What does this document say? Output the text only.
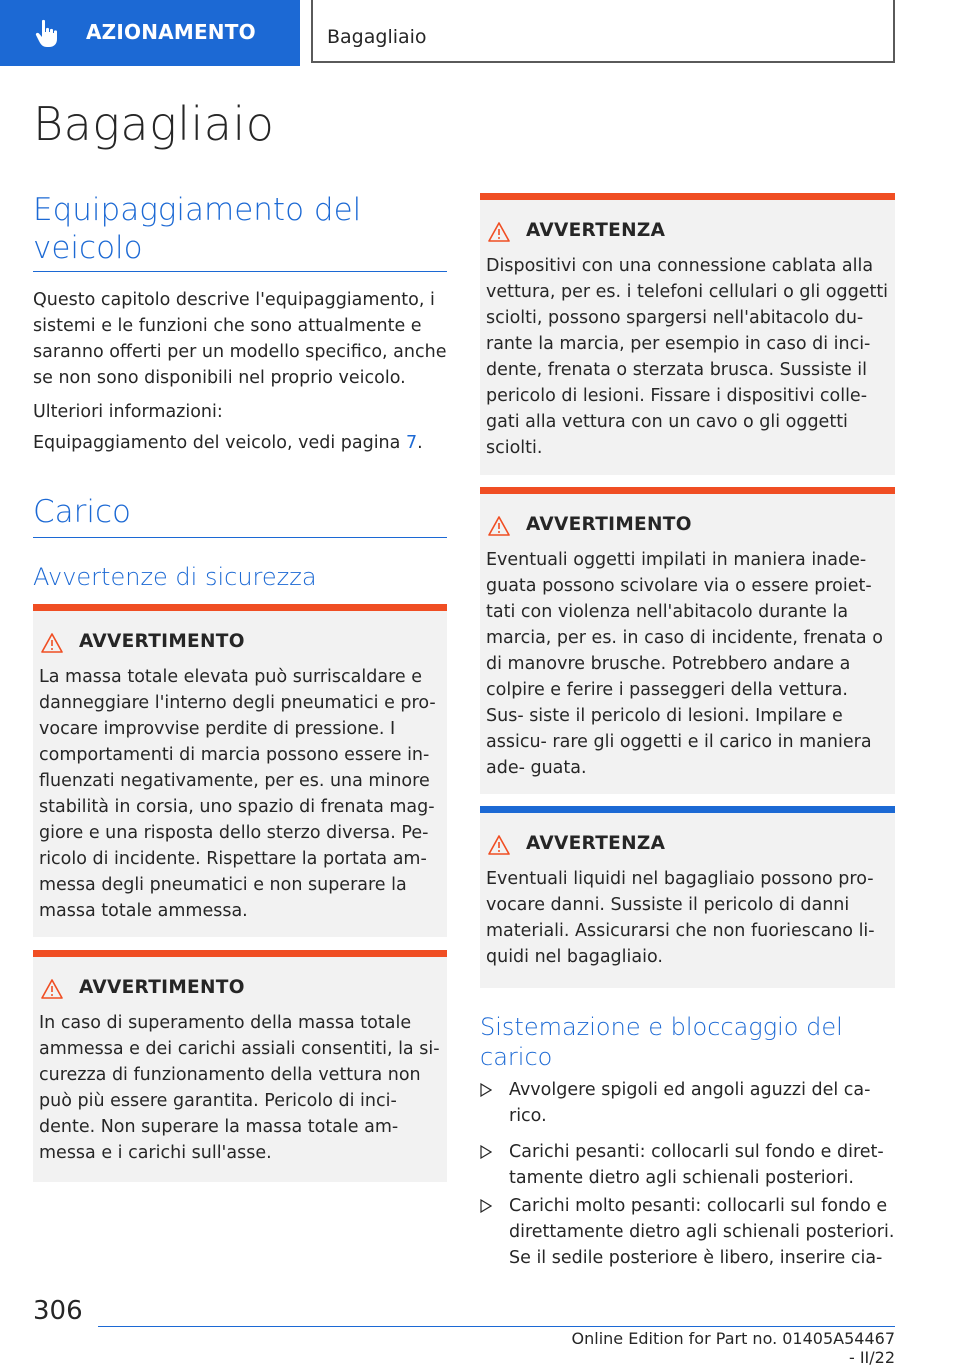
AZIONAMENTO	Bagagliaio
Bagagliaio
Equipaggiamento del
veicolo
Questo capitolo descrive l'equipaggiamento, i sistemi e le funzioni che sono attualmente e saranno offerti per un modello specifico, anche se non sono disponibili nel proprio veicolo.
Ulteriori informazioni:
Equipaggiamento del veicolo, vedi pagina 7.
Carico
Avvertenze di sicurezza
AVVERTIMENTO
La massa totale elevata può surriscaldare e danneggiare l'interno degli pneumatici e pro- vocare improvvise perdite di pressione. I comportamenti di marcia possono essere in- fluenzati negativamente, per es. una minore stabilità in corsia, uno spazio di frenata mag- giore e una risposta dello sterzo diversa. Pe- ricolo di incidente. Rispettare la portata am- messa degli pneumatici e non superare la massa totale ammessa.
AVVERTIMENTO
In caso di superamento della massa totale ammessa e dei carichi assiali consentiti, la si- curezza di funzionamento della vettura non può più essere garantita. Pericolo di inci- dente. Non superare la massa totale am- messa e i carichi sull'asse.
AVVERTENZA
Dispositivi con una connessione cablata alla vettura, per es. i telefoni cellulari o gli oggetti sciolti, possono spargersi nell'abitacolo du- rante la marcia, per esempio in caso di inci- dente, frenata o sterzata brusca. Sussiste il pericolo di lesioni. Fissare i dispositivi colle- gati alla vettura con un cavo o gli oggetti sciolti.
AVVERTIMENTO
Eventuali oggetti impilati in maniera inade- guata possono scivolare via o essere proiet- tati con violenza nell'abitacolo durante la marcia, per es. in caso di incidente, frenata o di manovre brusche. Potrebbero andare a colpire e ferire i passeggeri della vettura. Sus- siste il pericolo di lesioni. Impilare e assicu- rare gli oggetti e il carico in maniera ade- guata.
AVVERTENZA
Eventuali liquidi nel bagagliaio possono pro- vocare danni. Sussiste il pericolo di danni materiali. Assicurarsi che non fuoriescano li- quidi nel bagagliaio.
Sistemazione e bloccaggio del
carico
Avvolgere spigoli ed angoli aguzzi del ca- rico.
Carichi pesanti: collocarli sul fondo e diret- tamente dietro agli schienali posteriori.
Carichi molto pesanti: collocarli sul fondo e direttamente dietro agli schienali posteriori. Se il sedile posteriore è libero, inserire cia-
306
Online Edition for Part no. 01405A54467 - II/22
